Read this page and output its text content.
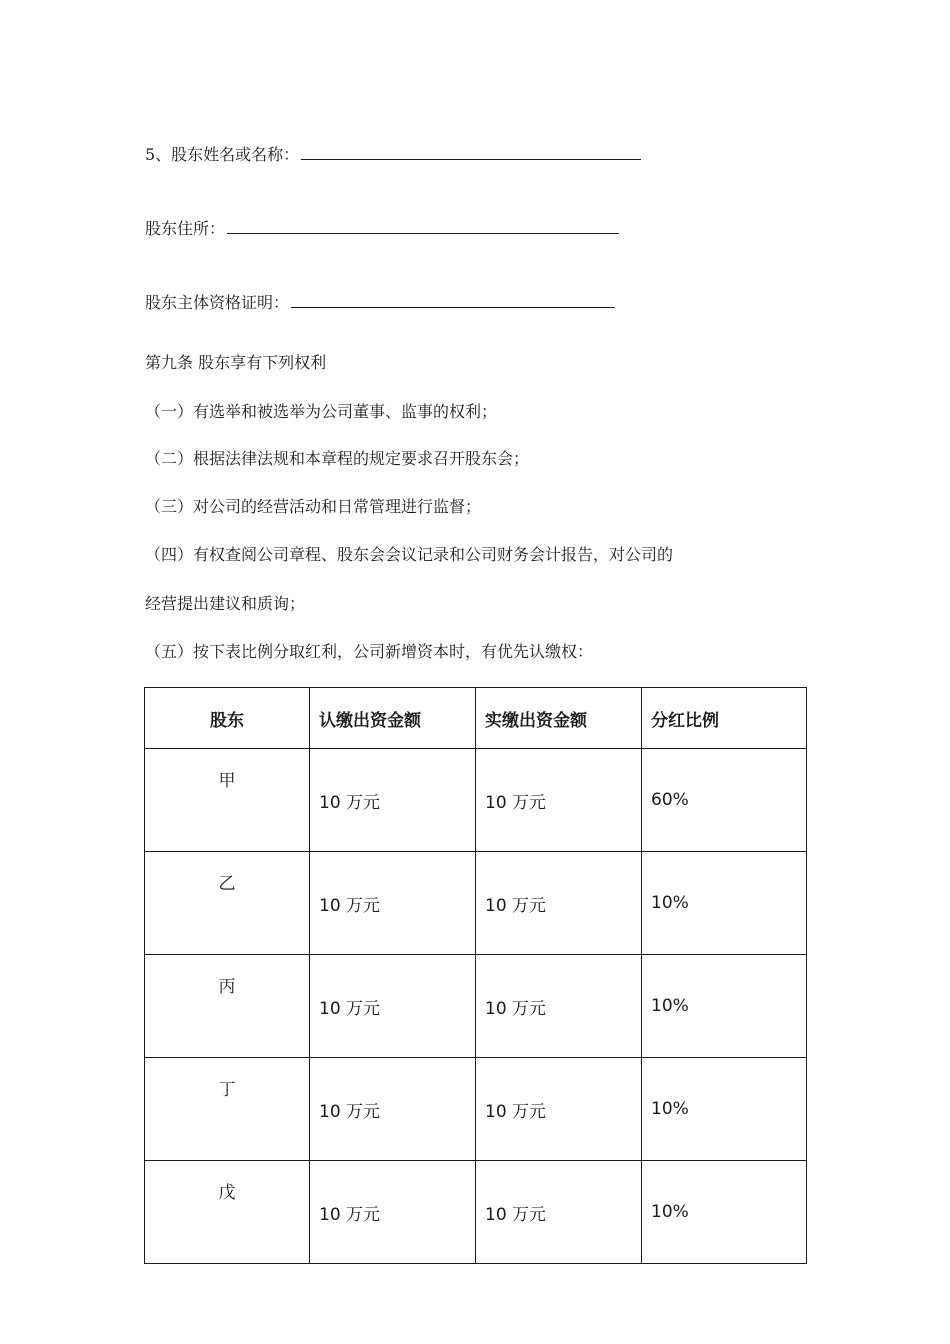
5、股东姓名或名称：
股东住所：
股东主体资格证明：
第九条 股东享有下列权利
（一）有选举和被选举为公司董事、监事的权利；
（二）根据法律法规和本章程的规定要求召开股东会；
（三）对公司的经营活动和日常管理进行监督；
（四）有权查阅公司章程、股东会会议记录和公司财务会计报告，对公司的
经营提出建议和质询；
（五）按下表比例分取红利，公司新增资本时，有优先认缴权：
股东	认缴出资金额	实缴出资金额	分红比例
甲	10 万元	10 万元	60%
乙	10 万元	10 万元	10%
丙	10 万元	10 万元	10%
丁	10 万元	10 万元	10%
戊	10 万元	10 万元	10%
